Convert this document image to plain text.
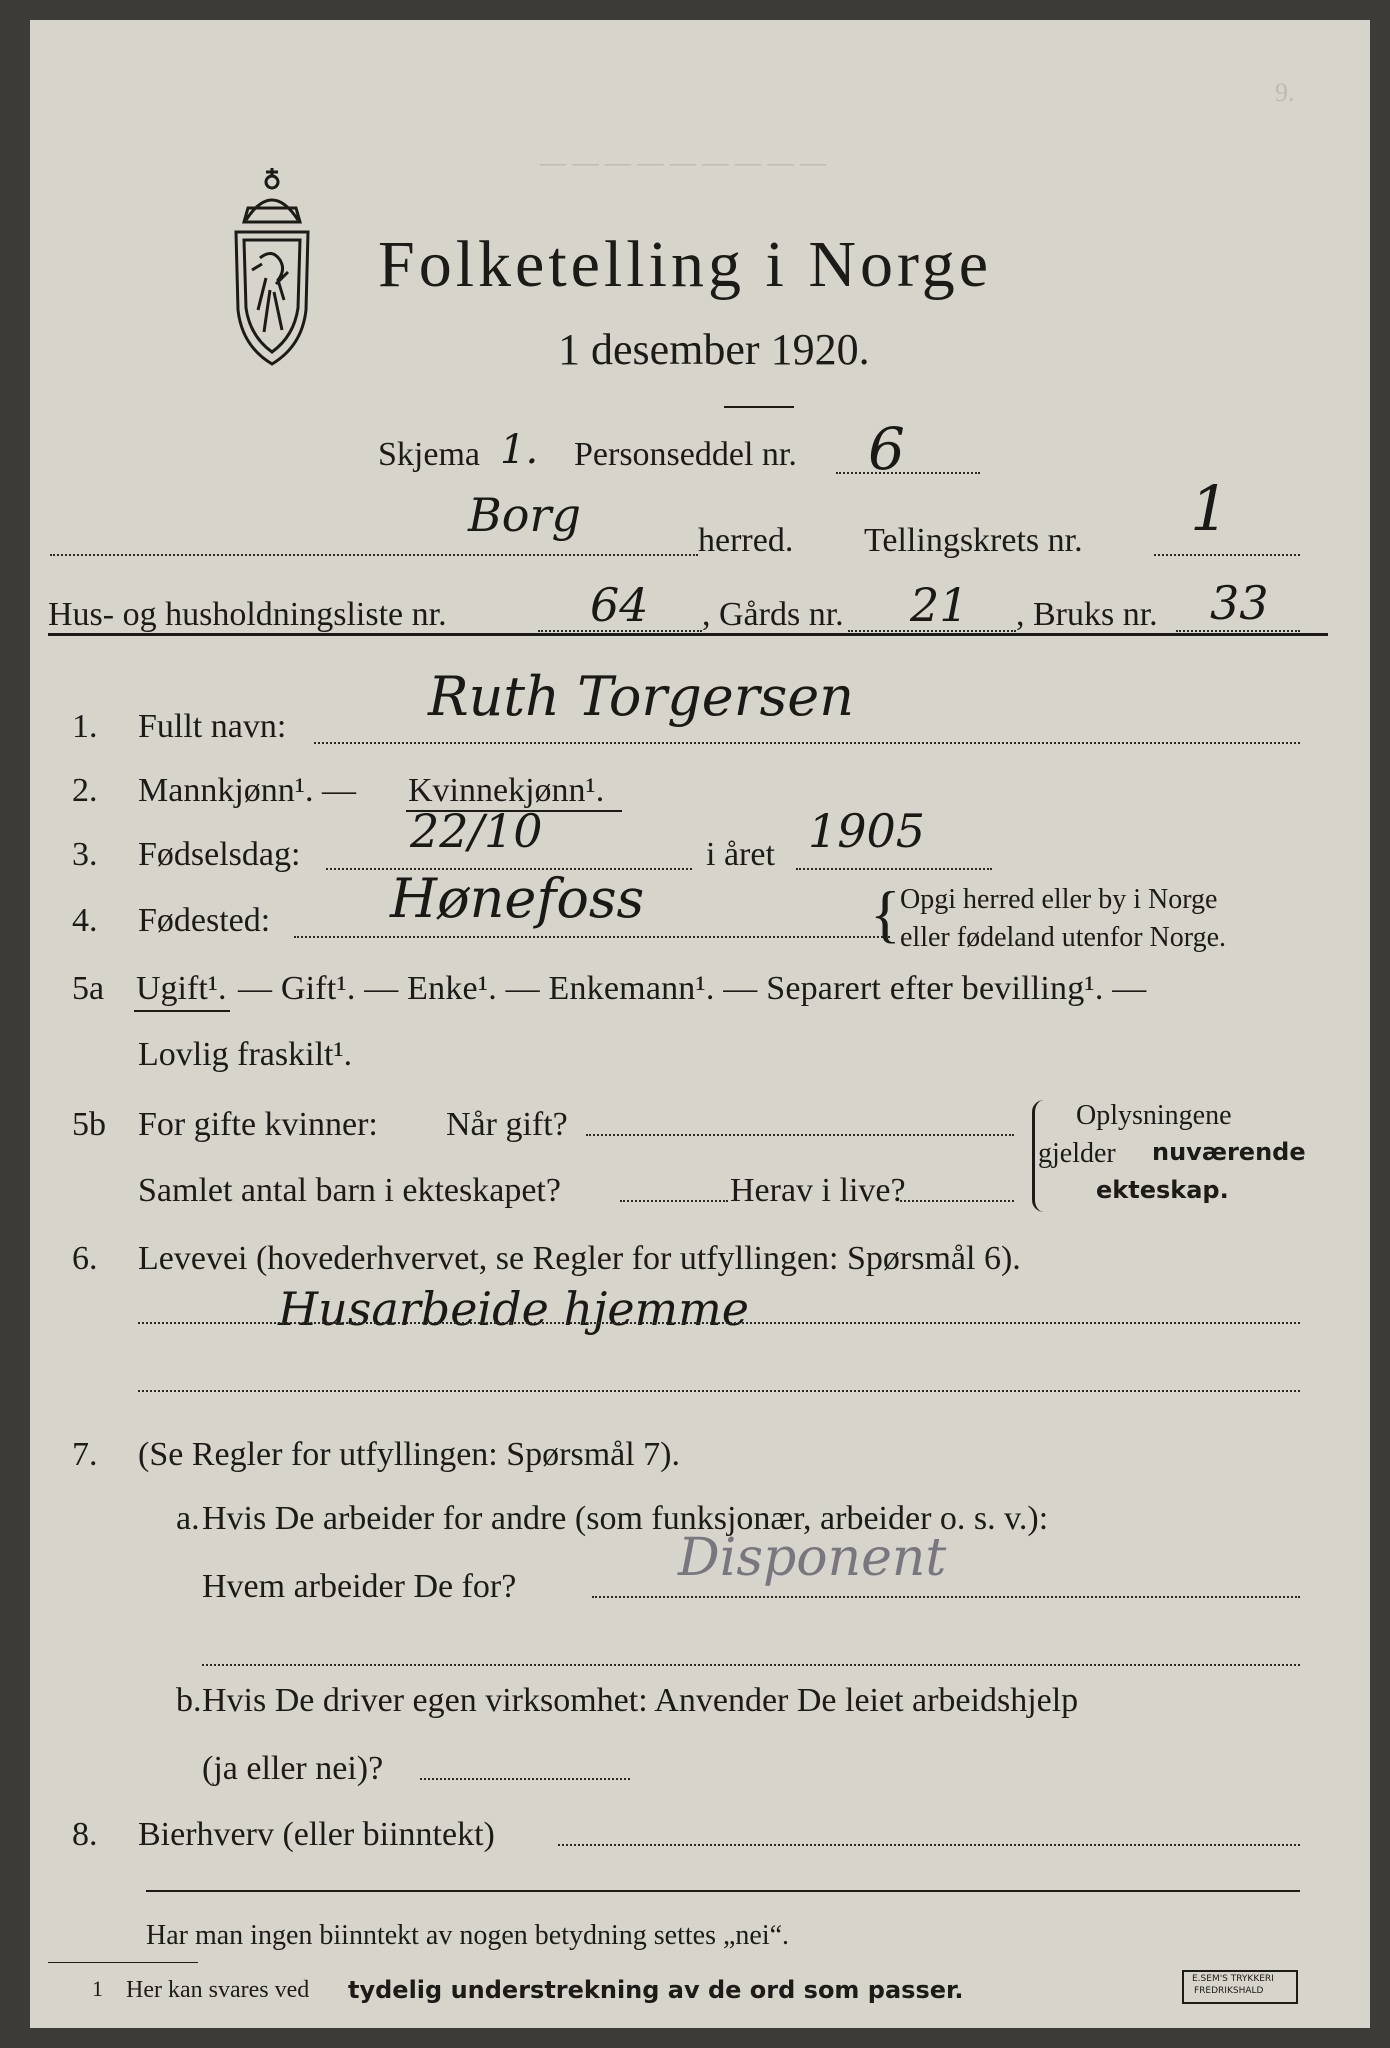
9.
— — — — — — — — —
Folketelling i Norge
1 desember 1920.
Skjema 1. Personseddel nr. 6
Borg	herred. Tellingskrets nr. 1
Hus- og husholdningsliste nr.	64 , Gårds nr. 21 , Bruks nr. 33
1. Fullt navn:	Ruth Torgersen
2. Mannkjønn¹. — Kvinnekjønn¹.
3. Fødselsdag: 22/10	i året 1905
4. Fødested: Hønefoss	{ Opgi herred eller by i Norge
eller fødeland utenfor Norge.
5a Ugift¹. — Gift¹. — Enke¹. — Enkemann¹. — Separert efter bevilling¹. —
Lovlig fraskilt¹.
5b For gifte kvinner: Når gift?
Samlet antal barn i ekteskapet?	Herav i live?
Oplysningene
gjelder nuværende
ekteskap.
6. Levevei (hovederhvervet, se Regler for utfyllingen: Spørsmål 6).
Husarbeide hjemme
7. (Se Regler for utfyllingen: Spørsmål 7).
a. Hvis De arbeider for andre (som funksjonær, arbeider o. s. v.):
Hvem arbeider De for?	Disponent
b. Hvis De driver egen virksomhet: Anvender De leiet arbeidshjelp
(ja eller nei)?
8. Bierhverv (eller biinntekt)
Har man ingen biinntekt av nogen betydning settes „nei“.
1 Her kan svares ved tydelig understrekning av de ord som passer.	E.SEM'S TRYKKERI
FREDRIKSHALD
